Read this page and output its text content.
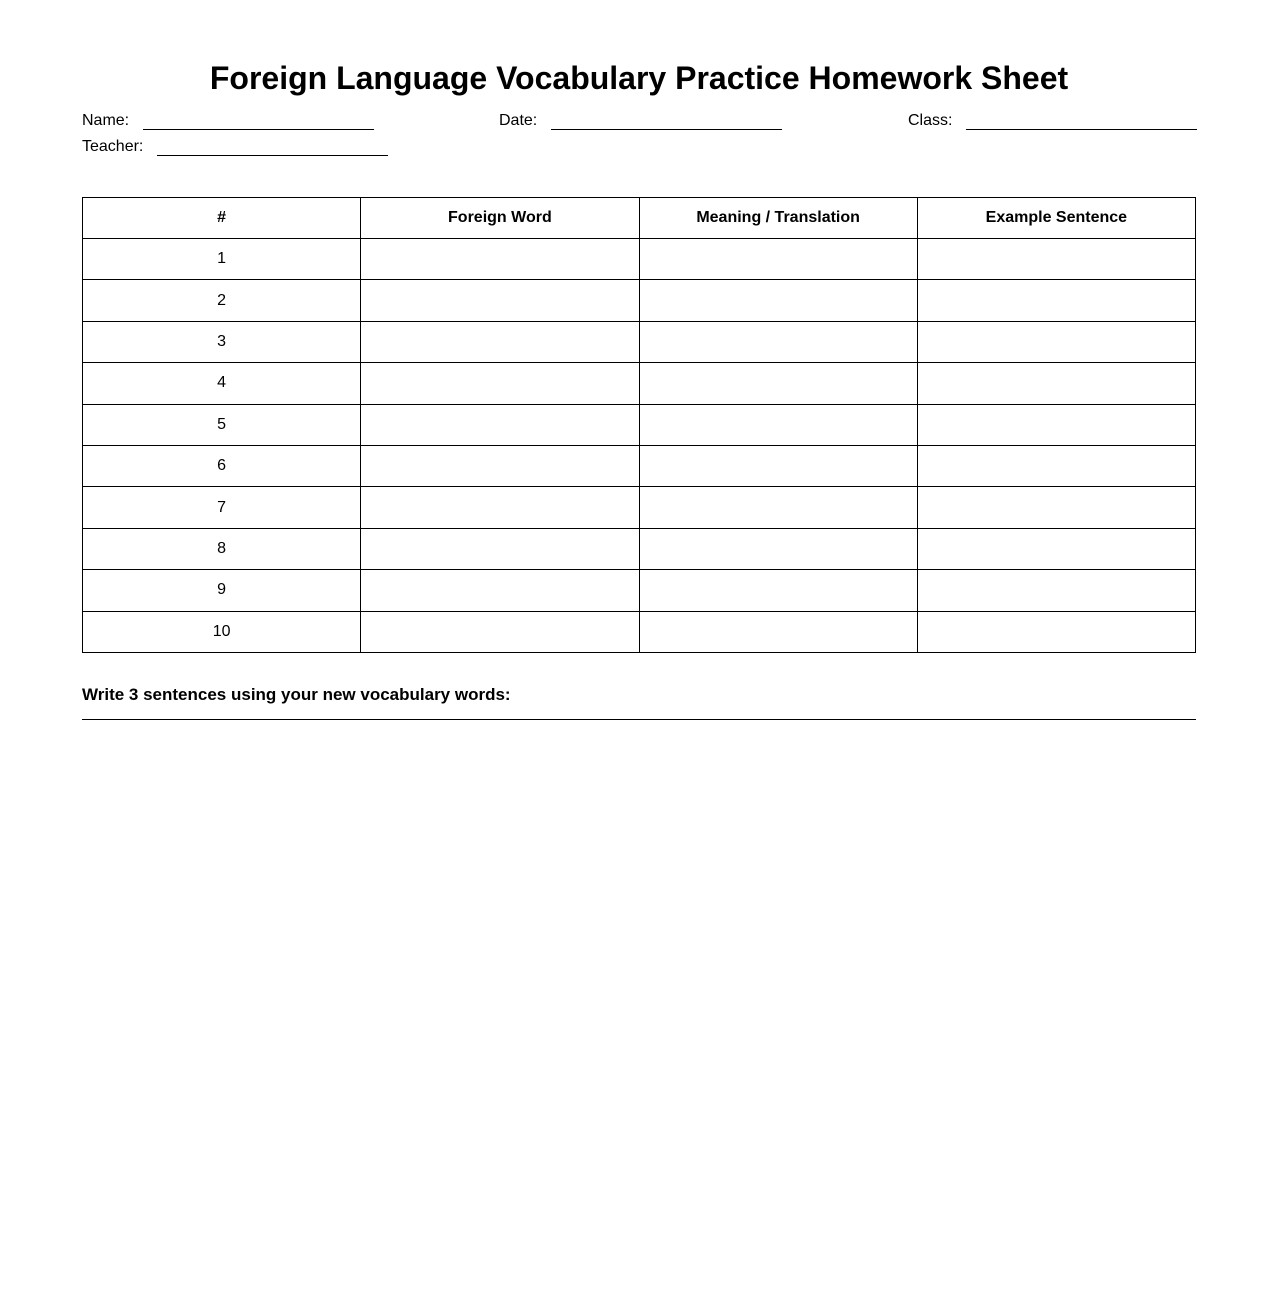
Foreign Language Vocabulary Practice Homework Sheet
Name:	Date:	Class:
Teacher:
#	Foreign Word	Meaning / Translation	Example Sentence
1			
2			
3			
4			
5			
6			
7			
8			
9			
10			

Write 3 sentences using your new vocabulary words:
